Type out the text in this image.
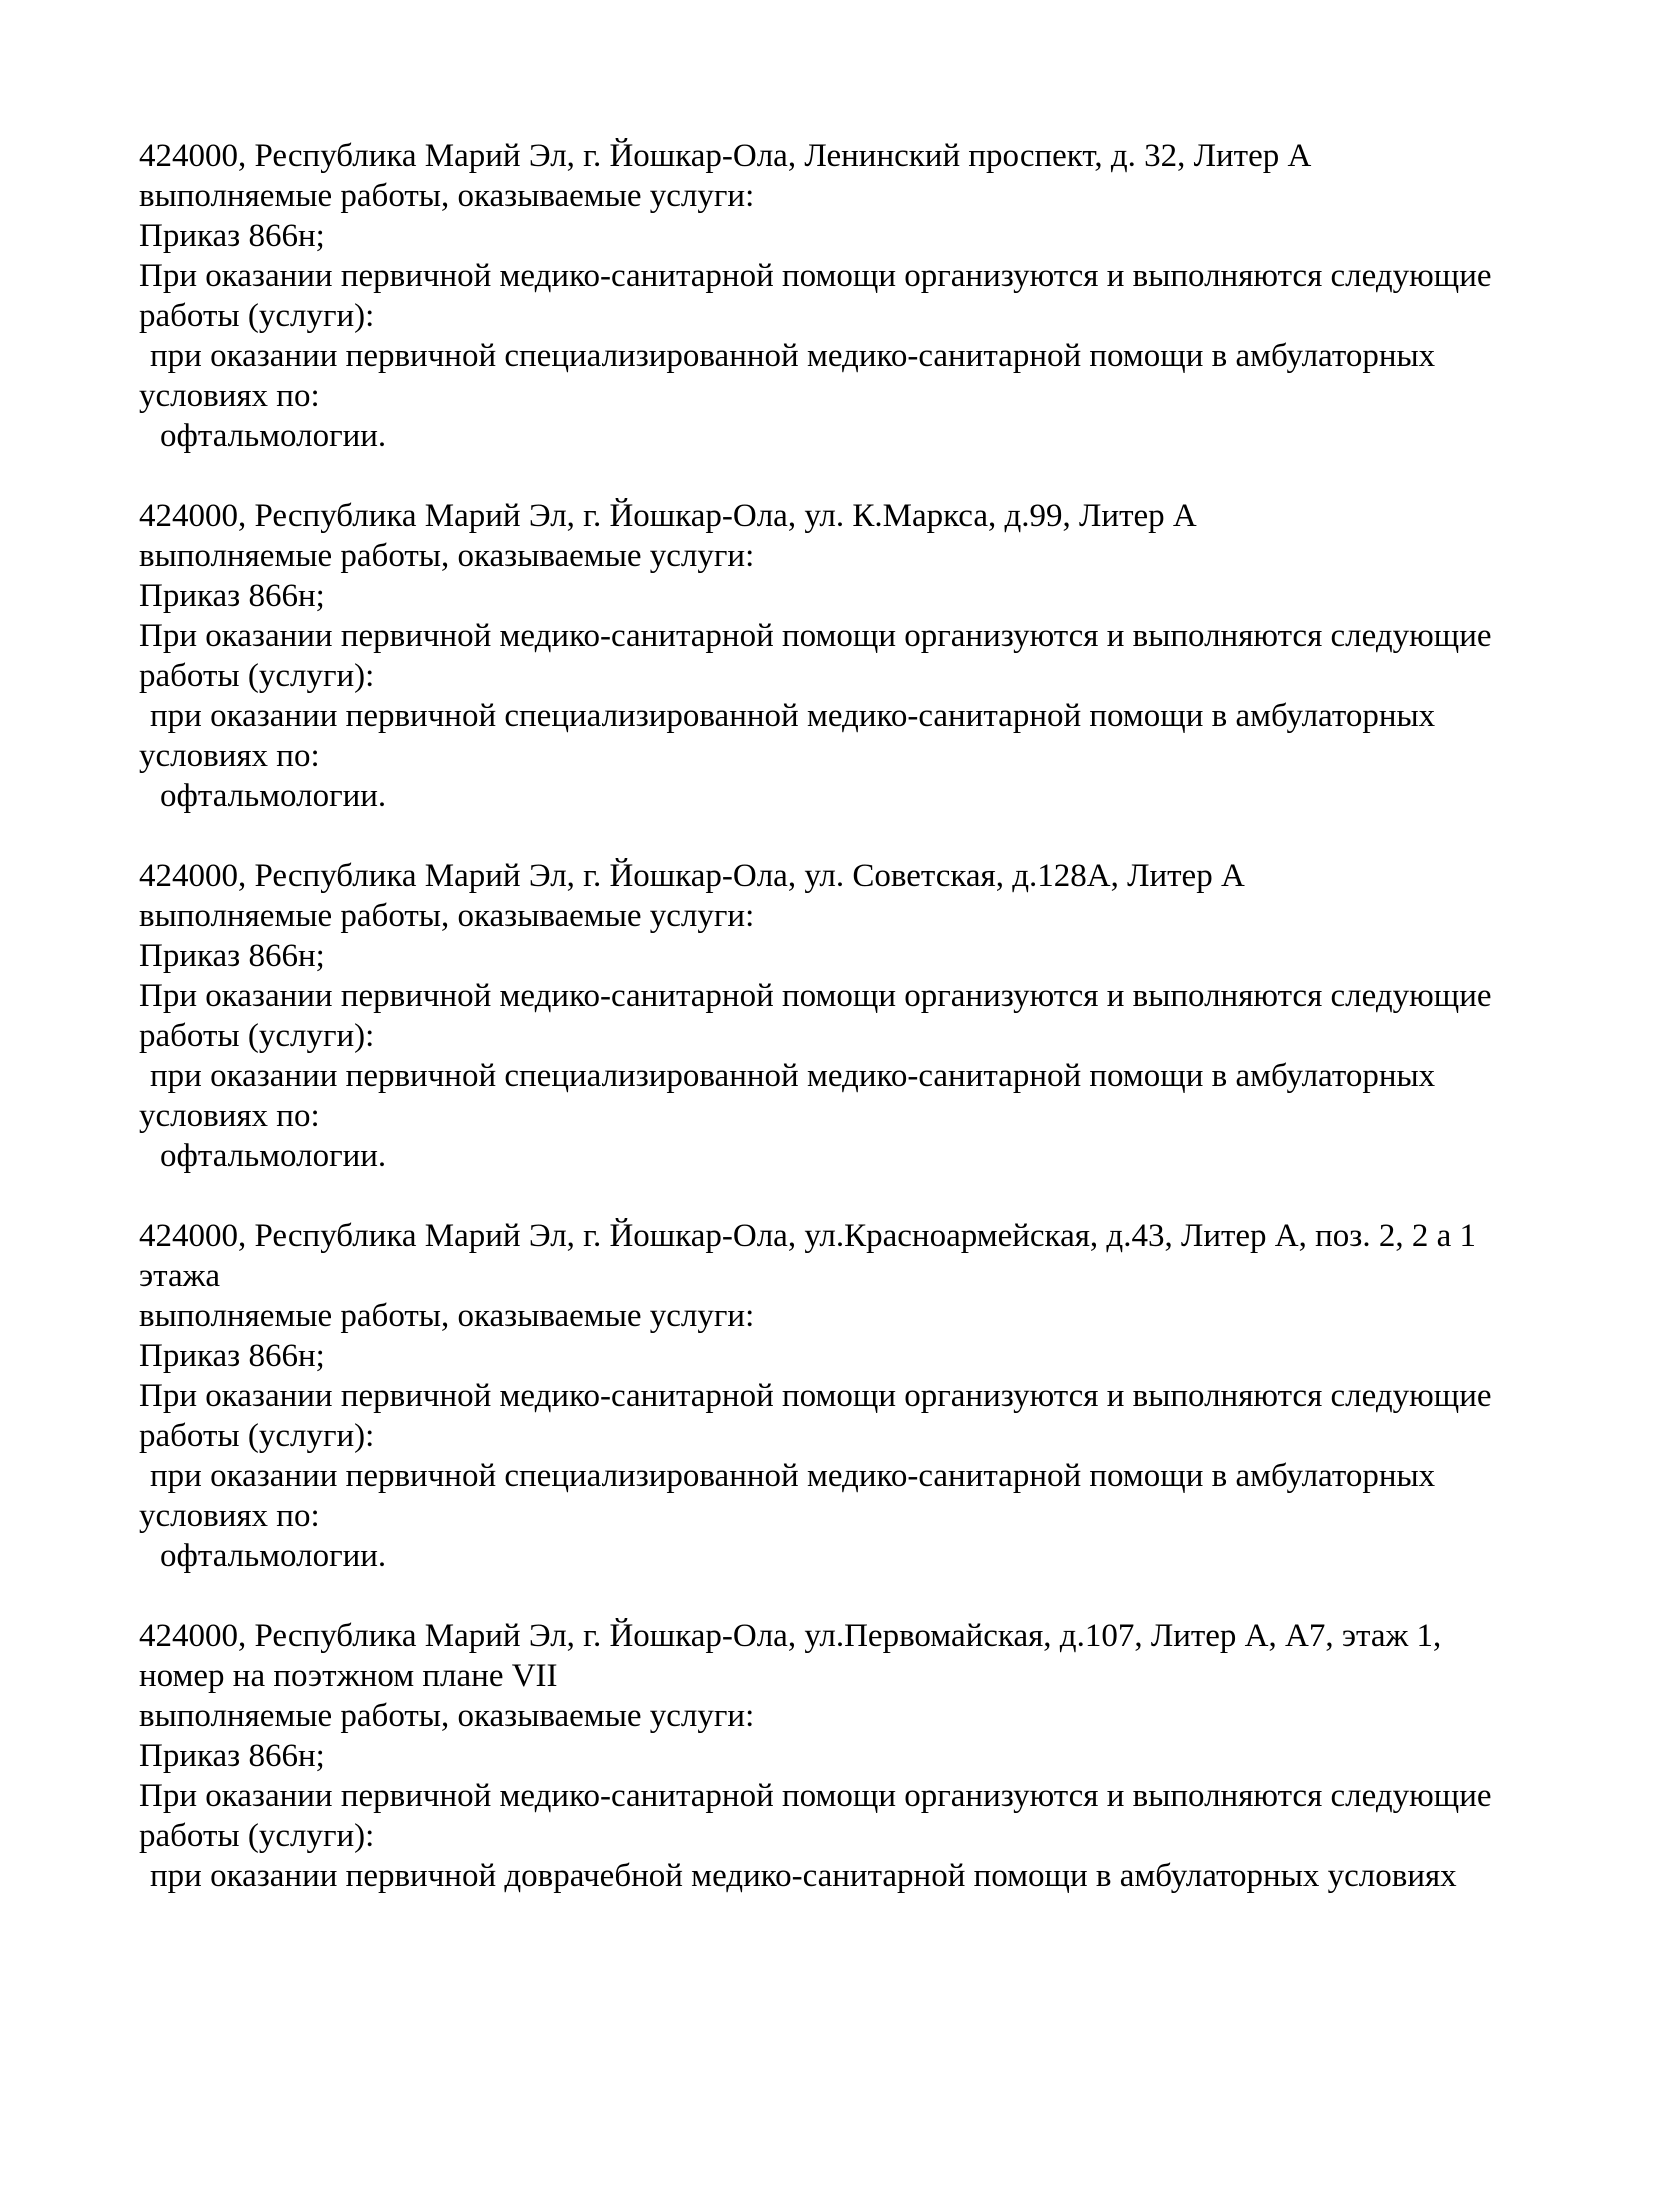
424000, Республика Марий Эл, г. Йошкар-Ола, Ленинский проспект, д. 32, Литер А
выполняемые работы, оказываемые услуги:
Приказ 866н;
При оказании первичной медико-санитарной помощи организуются и выполняются следующие
работы (услуги):
при оказании первичной специализированной медико-санитарной помощи в амбулаторных
условиях по:
офтальмологии.
424000, Республика Марий Эл, г. Йошкар-Ола, ул. К.Маркса, д.99, Литер А
выполняемые работы, оказываемые услуги:
Приказ 866н;
При оказании первичной медико-санитарной помощи организуются и выполняются следующие
работы (услуги):
при оказании первичной специализированной медико-санитарной помощи в амбулаторных
условиях по:
офтальмологии.
424000, Республика Марий Эл, г. Йошкар-Ола, ул. Советская, д.128А, Литер А
выполняемые работы, оказываемые услуги:
Приказ 866н;
При оказании первичной медико-санитарной помощи организуются и выполняются следующие
работы (услуги):
при оказании первичной специализированной медико-санитарной помощи в амбулаторных
условиях по:
офтальмологии.
424000, Республика Марий Эл, г. Йошкар-Ола, ул.Красноармейская, д.43, Литер А, поз. 2, 2 а 1
этажа
выполняемые работы, оказываемые услуги:
Приказ 866н;
При оказании первичной медико-санитарной помощи организуются и выполняются следующие
работы (услуги):
при оказании первичной специализированной медико-санитарной помощи в амбулаторных
условиях по:
офтальмологии.
424000, Республика Марий Эл, г. Йошкар-Ола, ул.Первомайская, д.107, Литер А, А7, этаж 1,
номер на поэтжном плане VII
выполняемые работы, оказываемые услуги:
Приказ 866н;
При оказании первичной медико-санитарной помощи организуются и выполняются следующие
работы (услуги):
при оказании первичной доврачебной медико-санитарной помощи в амбулаторных условиях
